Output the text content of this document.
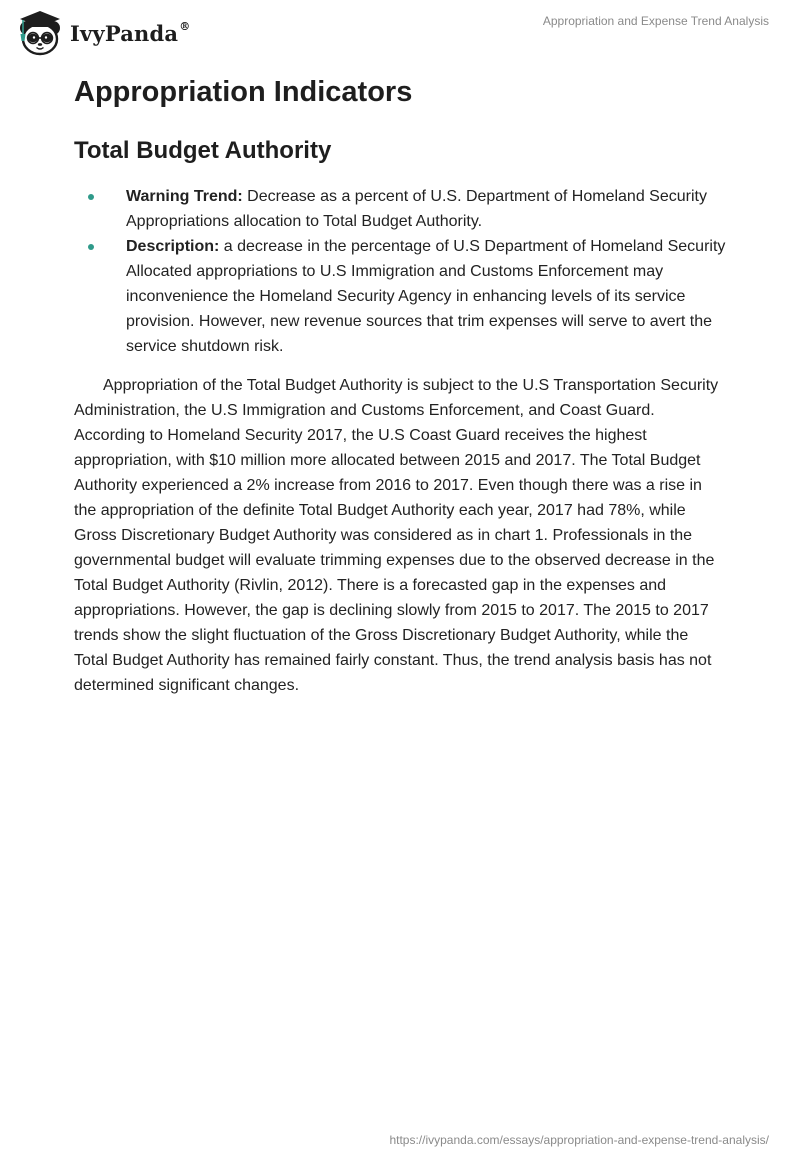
IvyPanda®	Appropriation and Expense Trend Analysis
Appropriation Indicators
Total Budget Authority
Warning Trend: Decrease as a percent of U.S. Department of Homeland Security Appropriations allocation to Total Budget Authority.
Description: a decrease in the percentage of U.S Department of Homeland Security Allocated appropriations to U.S Immigration and Customs Enforcement may inconvenience the Homeland Security Agency in enhancing levels of its service provision. However, new revenue sources that trim expenses will serve to avert the service shutdown risk.

Appropriation of the Total Budget Authority is subject to the U.S Transportation Security Administration, the U.S Immigration and Customs Enforcement, and Coast Guard. According to Homeland Security 2017, the U.S Coast Guard receives the highest appropriation, with $10 million more allocated between 2015 and 2017. The Total Budget Authority experienced a 2% increase from 2016 to 2017. Even though there was a rise in the appropriation of the definite Total Budget Authority each year, 2017 had 78%, while Gross Discretionary Budget Authority was considered as in chart 1. Professionals in the governmental budget will evaluate trimming expenses due to the observed decrease in the Total Budget Authority (Rivlin, 2012). There is a forecasted gap in the expenses and appropriations. However, the gap is declining slowly from 2015 to 2017. The 2015 to 2017 trends show the slight fluctuation of the Gross Discretionary Budget Authority, while the Total Budget Authority has remained fairly constant. Thus, the trend analysis basis has not determined significant changes.

https://ivypanda.com/essays/appropriation-and-expense-trend-analysis/
